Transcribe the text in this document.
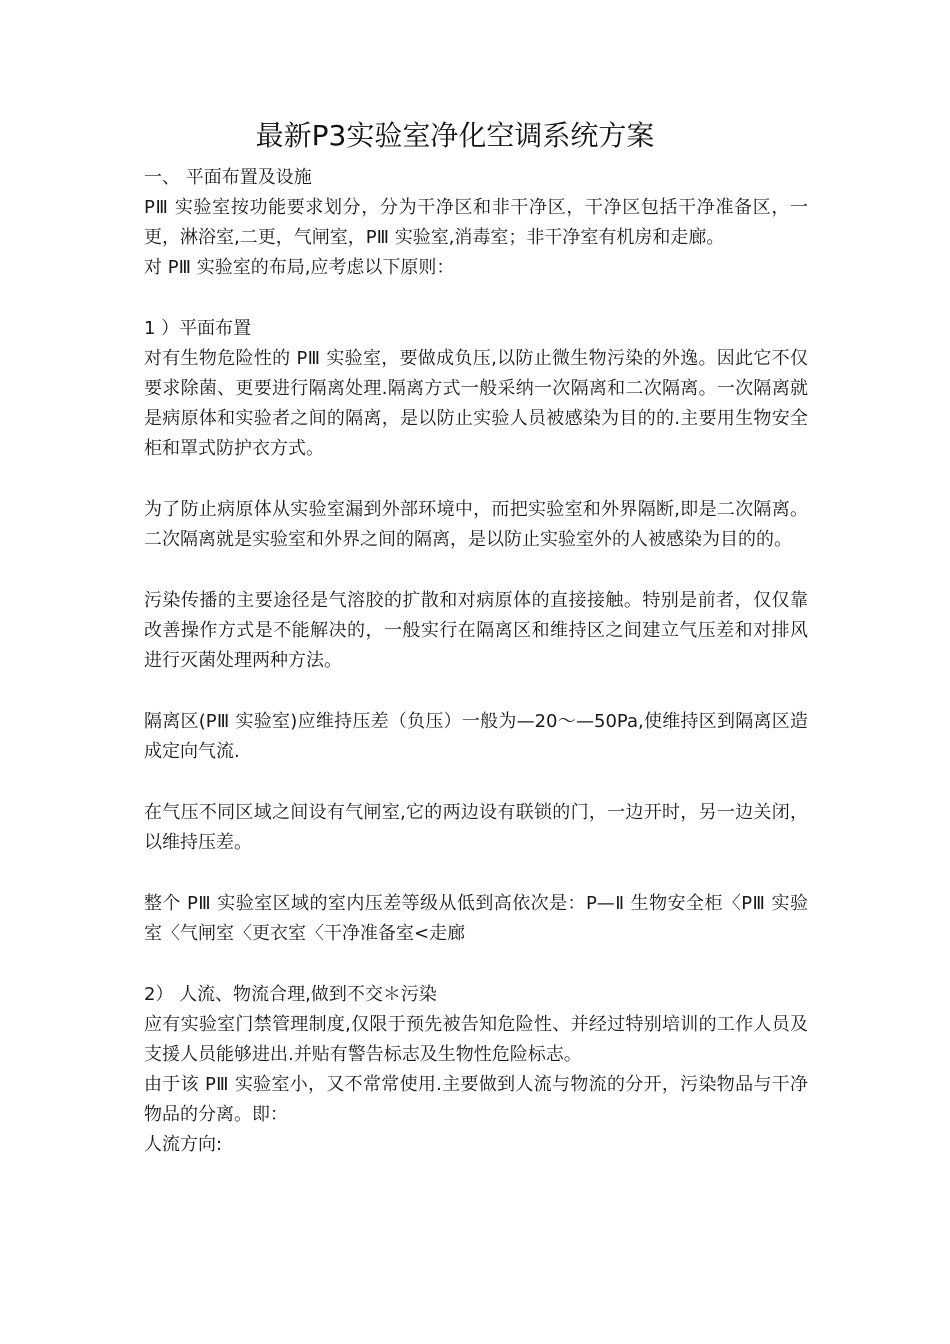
最新P3实验室净化空调系统方案

一、 平面布置及设施

PⅢ 实验室按功能要求划分，分为干净区和非干净区，干净区包括干净准备区，一更，淋浴室,二更，气闸室，PⅢ 实验室,消毒室；非干净室有机房和走廊。

对 PⅢ 实验室的布局,应考虑以下原则：

1 ）平面布置

对有生物危险性的 PⅢ 实验室，要做成负压,以防止微生物污染的外逸。因此它不仅要求除菌、更要进行隔离处理.隔离方式一般采纳一次隔离和二次隔离。一次隔离就是病原体和实验者之间的隔离，是以防止实验人员被感染为目的的.主要用生物安全柜和罩式防护衣方式。

为了防止病原体从实验室漏到外部环境中，而把实验室和外界隔断,即是二次隔离。二次隔离就是实验室和外界之间的隔离，是以防止实验室外的人被感染为目的的。

污染传播的主要途径是气溶胶的扩散和对病原体的直接接触。特别是前者，仅仅靠改善操作方式是不能解决的，一般实行在隔离区和维持区之间建立气压差和对排风进行灭菌处理两种方法。

隔离区(PⅢ 实验室)应维持压差（负压）一般为—20～—50Pa,使维持区到隔离区造成定向气流.

在气压不同区域之间设有气闸室,它的两边设有联锁的门，一边开时，另一边关闭，以维持压差。

整个 PⅢ 实验室区域的室内压差等级从低到高依次是：P—Ⅱ 生物安全柜〈PⅢ 实验室〈气闸室〈更衣室〈干净准备室<走廊

2） 人流、物流合理,做到不交＊污染

应有实验室门禁管理制度,仅限于预先被告知危险性、并经过特别培训的工作人员及支援人员能够进出.并贴有警告标志及生物性危险标志。

由于该 PⅢ 实验室小，又不常常使用.主要做到人流与物流的分开，污染物品与干净物品的分离。即：

人流方向:
